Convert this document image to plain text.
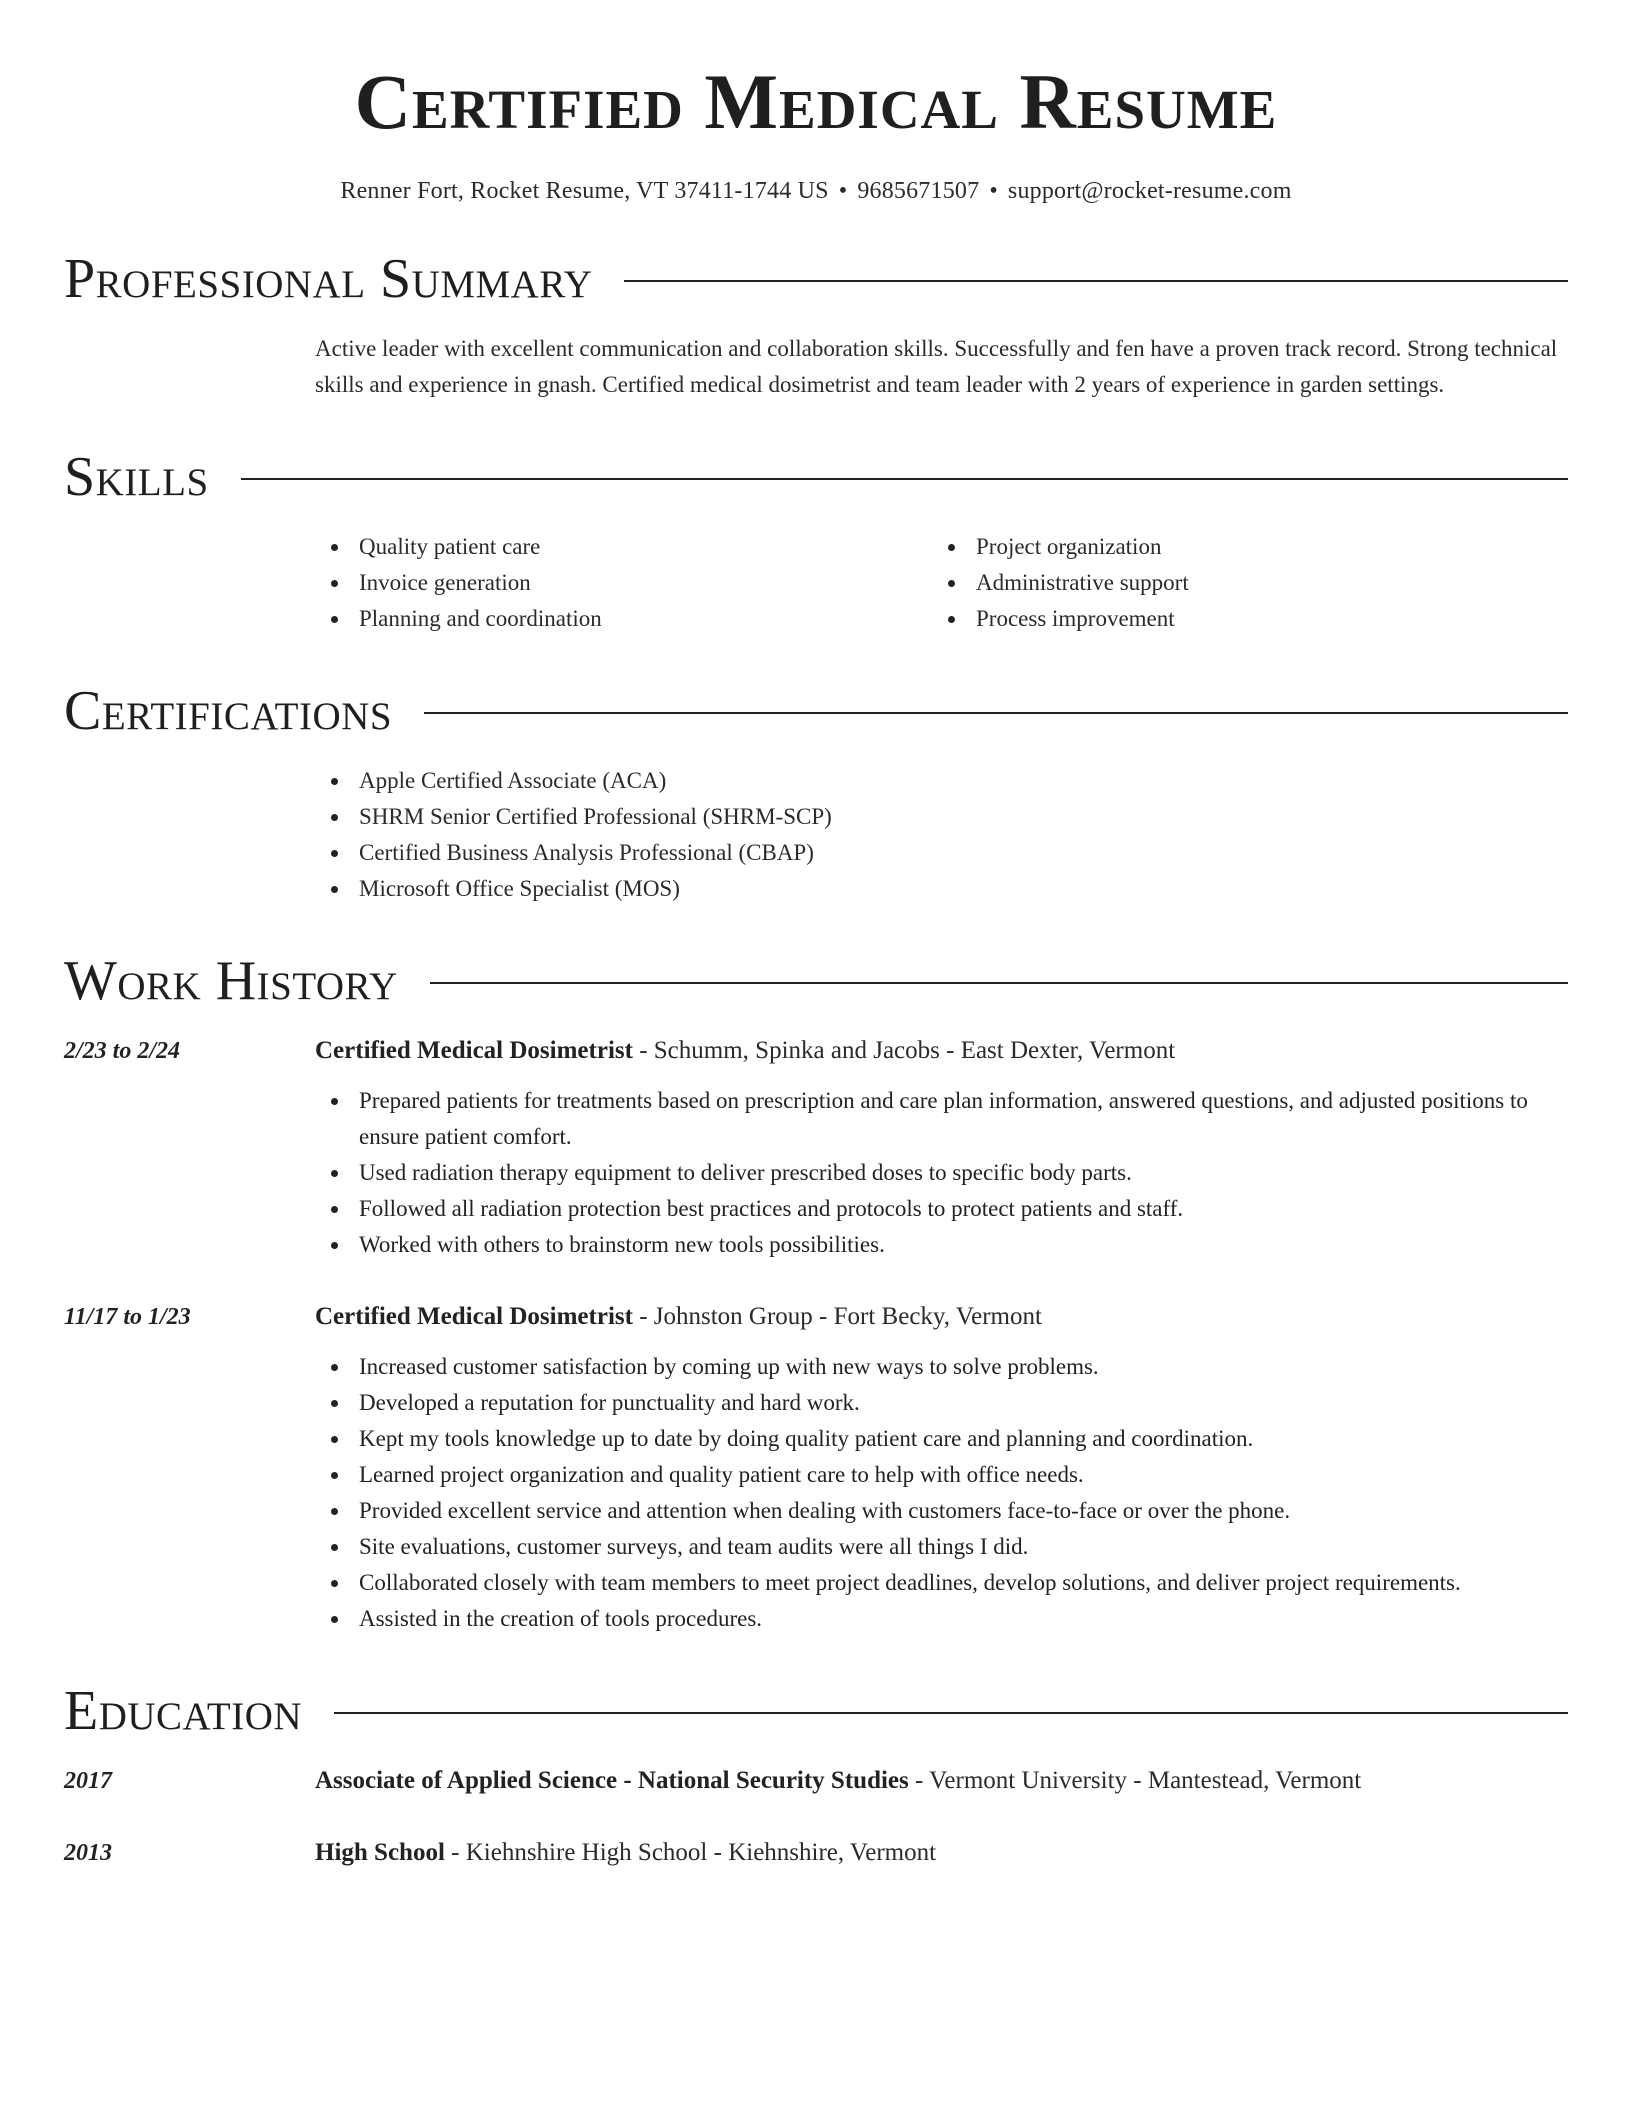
Certified Medical Resume
Renner Fort, Rocket Resume, VT 37411-1744 US • 9685671507 • support@rocket-resume.com
Professional Summary

Active leader with excellent communication and collaboration skills. Successfully and fen have a proven track record. Strong technical skills and experience in gnash. Certified medical dosimetrist and team leader with 2 years of experience in garden settings.

Skills
Quality patient care
Invoice generation
Planning and coordination
Project organization
Administrative support
Process improvement
Certifications
Apple Certified Associate (ACA)
SHRM Senior Certified Professional (SHRM-SCP)
Certified Business Analysis Professional (CBAP)
Microsoft Office Specialist (MOS)
Work History
2/23 to 2/24	Certified Medical Dosimetrist - Schumm, Spinka and Jacobs - East Dexter, Vermont
Prepared patients for treatments based on prescription and care plan information, answered questions, and adjusted positions to ensure patient comfort.
Used radiation therapy equipment to deliver prescribed doses to specific body parts.
Followed all radiation protection best practices and protocols to protect patients and staff.
Worked with others to brainstorm new tools possibilities.
11/17 to 1/23	Certified Medical Dosimetrist - Johnston Group - Fort Becky, Vermont
Increased customer satisfaction by coming up with new ways to solve problems.
Developed a reputation for punctuality and hard work.
Kept my tools knowledge up to date by doing quality patient care and planning and coordination.
Learned project organization and quality patient care to help with office needs.
Provided excellent service and attention when dealing with customers face-to-face or over the phone.
Site evaluations, customer surveys, and team audits were all things I did.
Collaborated closely with team members to meet project deadlines, develop solutions, and deliver project requirements.
Assisted in the creation of tools procedures.
Education
2017	Associate of Applied Science - National Security Studies - Vermont University - Mantestead, Vermont
2013	High School - Kiehnshire High School - Kiehnshire, Vermont
